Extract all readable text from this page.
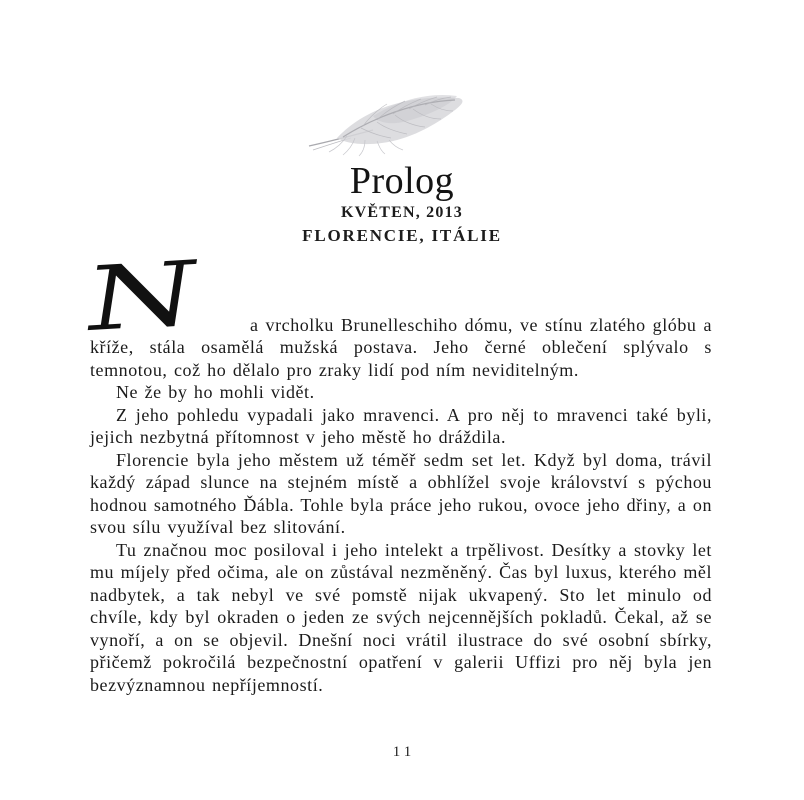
Prolog
KVĚTEN, 2013
FLORENCIE, ITÁLIE

N	a vrcholku Brunelleschiho dómu, ve stínu zlatého glóbu a kříže, stála osamělá mužská postava. Jeho černé oblečení splývalo s temnotou, což ho dělalo pro zraky lidí pod ním neviditelným.

Ne že by ho mohli vidět.

Z jeho pohledu vypadali jako mravenci. A pro něj to mravenci také byli, jejich nezbytná přítomnost v jeho městě ho dráždila.

Florencie byla jeho městem už téměř sedm set let. Když byl doma, trávil každý západ slunce na stejném místě a obhlížel svoje království s pýchou hodnou samotného Ďábla. Tohle byla práce jeho rukou, ovoce jeho dřiny, a on svou sílu využíval bez slitování.

Tu značnou moc posiloval i jeho intelekt a trpělivost. Desítky a stovky let mu míjely před očima, ale on zůstával nezměněný. Čas byl luxus, kterého měl nadbytek, a tak nebyl ve své pomstě nijak ukvapený. Sto let minulo od chvíle, kdy byl okraden o jeden ze svých nejcennějších pokladů. Čekal, až se vynoří, a on se objevil. Dnešní noci vrátil ilustrace do své osobní sbírky, přičemž pokročilá bezpečnostní opatření v galerii Uffizi pro něj byla jen bezvýznamnou nepříjemností.

11
